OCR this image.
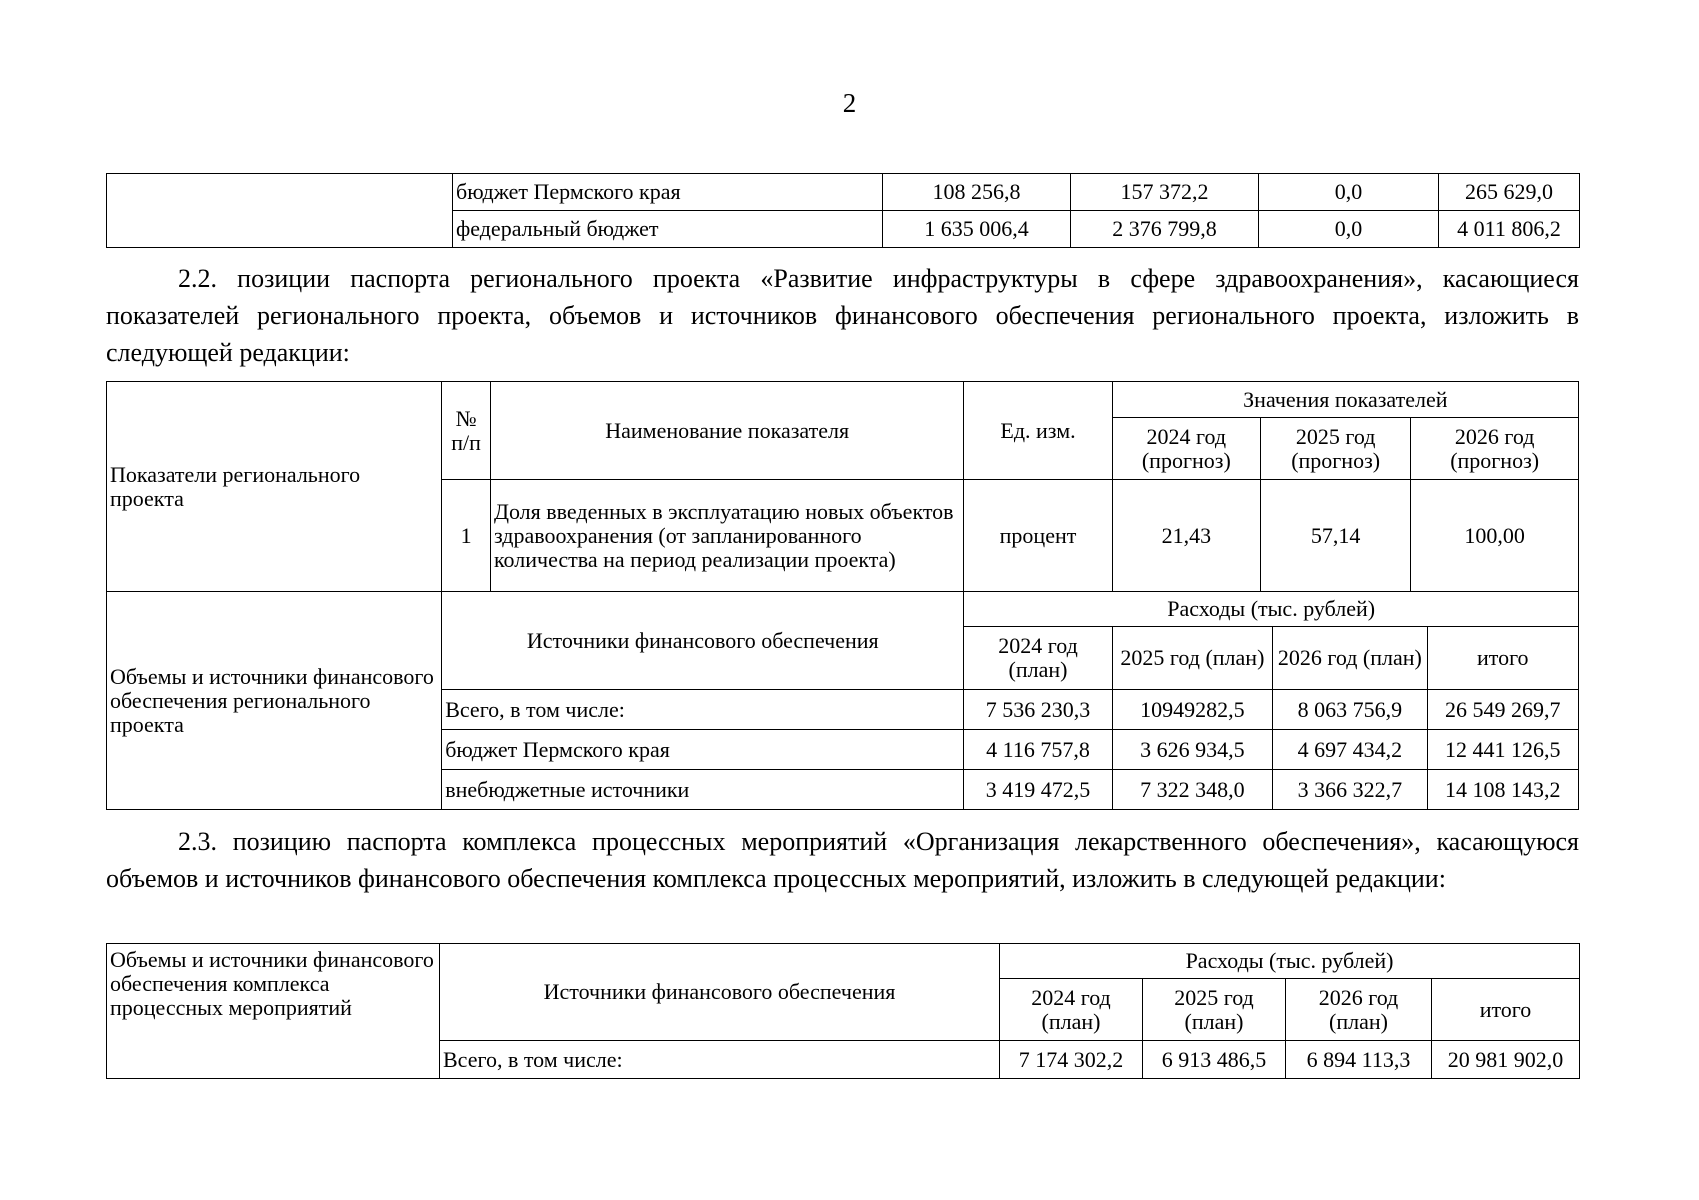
2
	бюджет Пермского края	108 256,8	157 372,2	0,0	265 629,0
	федеральный бюджет	1 635 006,4	2 376 799,8	0,0	4 011 806,2
2.2. позиции паспорта регионального проекта «Развитие инфраструктуры в сфере здравоохранения», касающиеся показателей регионального проекта, объемов и источников финансового обеспечения регионального проекта, изложить в следующей редакции:
Показатели регионального проекта	№ п/п	Наименование показателя	Ед. изм.	Значения показателей				
				2024 год (прогноз)	2025 год (прогноз)		2026 год (прогноз)	
	1	Доля введенных в эксплуатацию новых объектов здравоохранения (от запланированного количества на период реализации проекта)	процент	21,43	57,14		100,00	
Объемы и источники финансового обеспечения регионального проекта	Источники финансового обеспечения		Расходы (тыс. рублей)					
			2024 год (план)	2025 год (план)		2026 год (план)		итого
	Всего, в том числе:		7 536 230,3	10949282,5		8 063 756,9		26 549 269,7
	бюджет Пермского края		4 116 757,8	3 626 934,5		4 697 434,2		12 441 126,5
	внебюджетные источники		3 419 472,5	7 322 348,0		3 366 322,7		14 108 143,2
2.3. позицию паспорта комплекса процессных мероприятий «Организация лекарственного обеспечения», касающуюся объемов и источников финансового обеспечения комплекса процессных мероприятий, изложить в следующей редакции:
Объемы и источники финансового обеспечения комплекса процессных мероприятий	Источники финансового обеспечения	Расходы (тыс. рублей)			
		2024 год (план)	2025 год (план)	2026 год (план)	итого
	Всего, в том числе:	7 174 302,2	6 913 486,5	6 894 113,3	20 981 902,0
